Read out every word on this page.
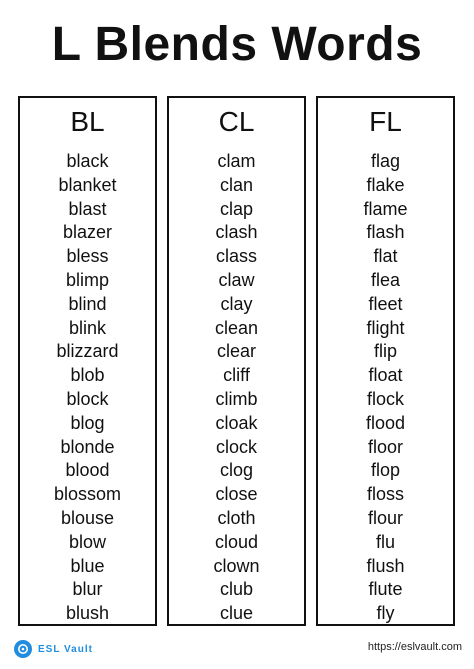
L Blends Words
BL
black
blanket
blast
blazer
bless
blimp
blind
blink
blizzard
blob
block
blog
blonde
blood
blossom
blouse
blow
blue
blur
blush
CL
clam
clan
clap
clash
class
claw
clay
clean
clear
cliff
climb
cloak
clock
clog
close
cloth
cloud
clown
club
clue
FL
flag
flake
flame
flash
flat
flea
fleet
flight
flip
float
flock
flood
floor
flop
floss
flour
flu
flush
flute
fly
ESL Vault	https://eslvault.com
